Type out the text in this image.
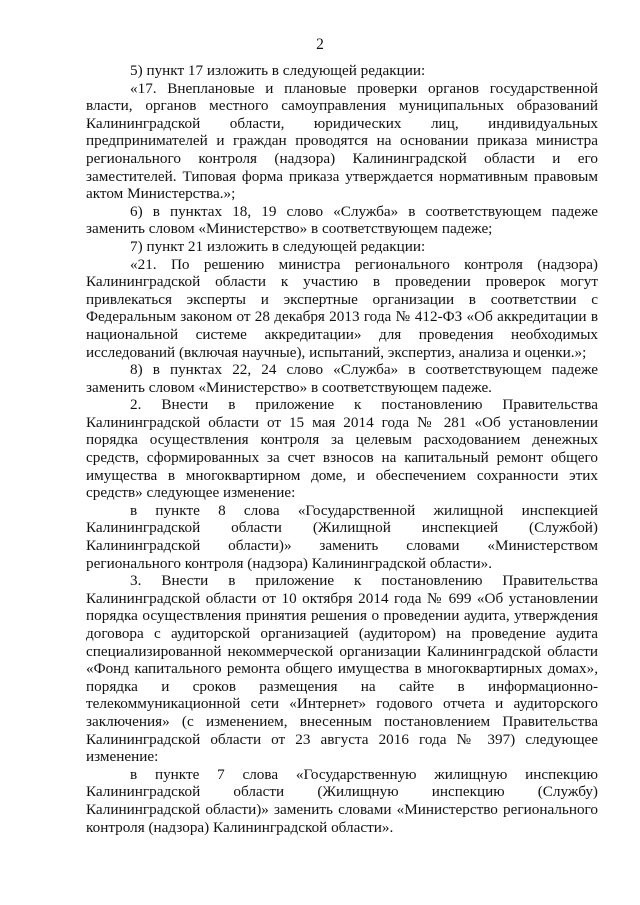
2

5) пункт 17 изложить в следующей редакции:

«17. Внеплановые и плановые проверки органов государственной власти, органов местного самоуправления муниципальных образований Калининградской области, юридических лиц, индивидуальных предпринимателей и граждан проводятся на основании приказа министра регионального контроля (надзора) Калининградской области и его заместителей. Типовая форма приказа утверждается нормативным правовым актом Министерства.»;

6) в пунктах 18, 19 слово «Служба» в соответствующем падеже заменить словом «Министерство» в соответствующем падеже;

7) пункт 21 изложить в следующей редакции:

«21. По решению министра регионального контроля (надзора) Калининградской области к участию в проведении проверок могут привлекаться эксперты и экспертные организации в соответствии с Федеральным законом от 28 декабря 2013 года № 412-ФЗ «Об аккредитации в национальной системе аккредитации» для проведения необходимых исследований (включая научные), испытаний, экспертиз, анализа и оценки.»;

8) в пунктах 22, 24 слово «Служба» в соответствующем падеже заменить словом «Министерство» в соответствующем падеже.

2. Внести в приложение к постановлению Правительства Калининградской области от 15 мая 2014 года № 281 «Об установлении порядка осуществления контроля за целевым расходованием денежных средств, сформированных за счет взносов на капитальный ремонт общего имущества в многоквартирном доме, и обеспечением сохранности этих средств» следующее изменение:

в пункте 8 слова «Государственной жилищной инспекцией Калининградской области (Жилищной инспекцией (Службой) Калининградской области)» заменить словами «Министерством регионального контроля (надзора) Калининградской области».

3. Внести в приложение к постановлению Правительства Калининградской области от 10 октября 2014 года № 699 «Об установлении порядка осуществления принятия решения о проведении аудита, утверждения договора с аудиторской организацией (аудитором) на проведение аудита специализированной некоммерческой организации Калининградской области «Фонд капитального ремонта общего имущества в многоквартирных домах», порядка и сроков размещения на сайте в информационно-телекоммуникационной сети «Интернет» годового отчета и аудиторского заключения» (с изменением, внесенным постановлением Правительства Калининградской области от 23 августа 2016 года № 397) следующее изменение:

в пункте 7 слова «Государственную жилищную инспекцию Калининградской области (Жилищную инспекцию (Службу) Калининградской области)» заменить словами «Министерство регионального контроля (надзора) Калининградской области».
